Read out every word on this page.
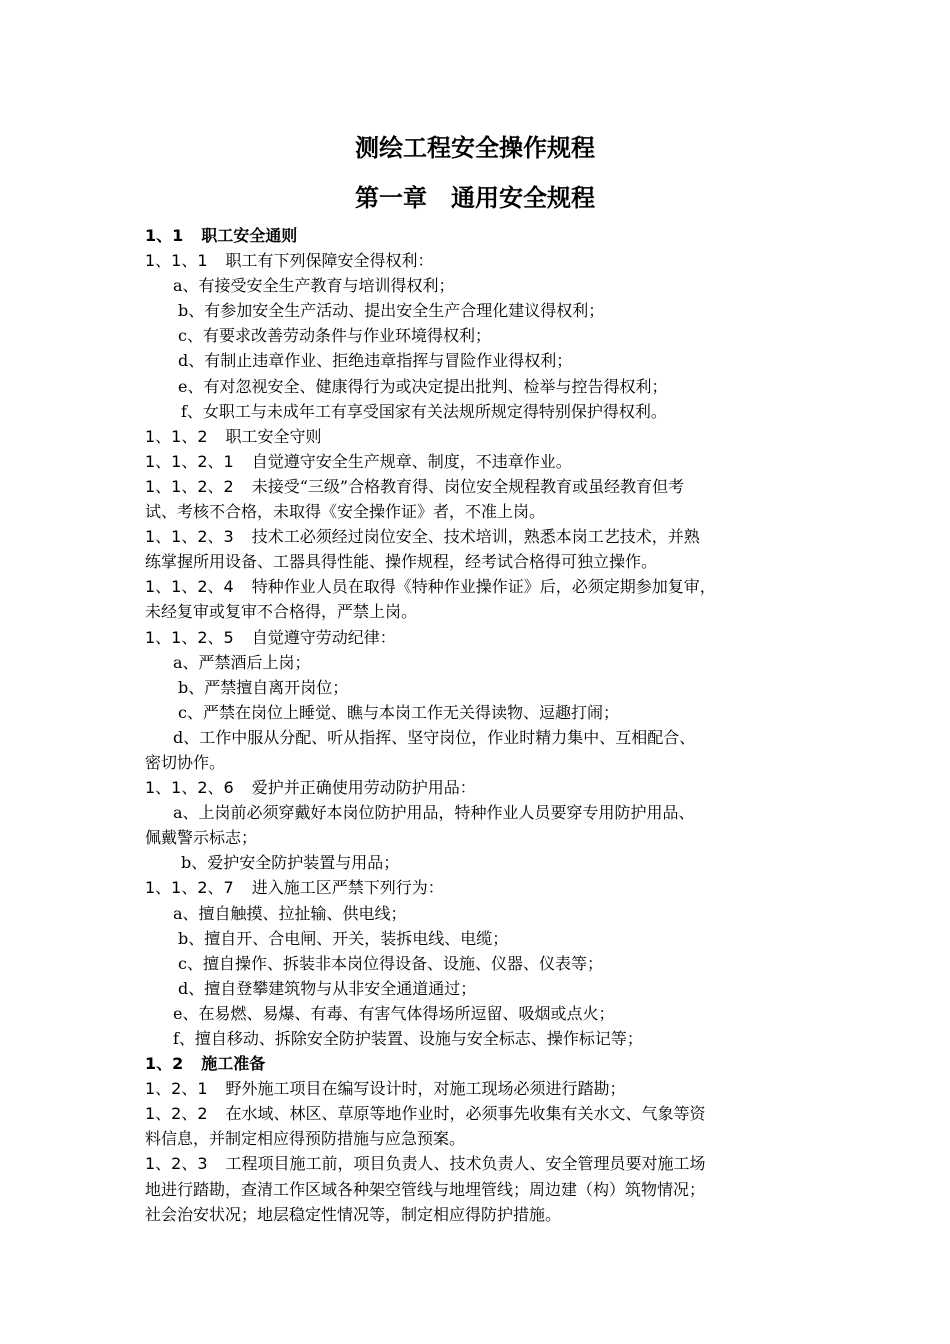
测绘工程安全操作规程
第一章　通用安全规程
1、1 职工安全通则
1、1、1 职工有下列保障安全得权利：
a、有接受安全生产教育与培训得权利；
b、有参加安全生产活动、提出安全生产合理化建议得权利；
c、有要求改善劳动条件与作业环境得权利；
d、有制止违章作业、拒绝违章指挥与冒险作业得权利；
e、有对忽视安全、健康得行为或决定提出批判、检举与控告得权利；
f、女职工与未成年工有享受国家有关法规所规定得特别保护得权利。
1、1、2 职工安全守则
1、1、2、1 自觉遵守安全生产规章、制度，不违章作业。
1、1、2、2 未接受“三级”合格教育得、岗位安全规程教育或虽经教育但考
试、考核不合格，未取得《安全操作证》者，不准上岗。
1、1、2、3 技术工必须经过岗位安全、技术培训，熟悉本岗工艺技术，并熟
练掌握所用设备、工器具得性能、操作规程，经考试合格得可独立操作。
1、1、2、4 特种作业人员在取得《特种作业操作证》后，必须定期参加复审，
未经复审或复审不合格得，严禁上岗。
1、1、2、5 自觉遵守劳动纪律：
a、严禁酒后上岗；
b、严禁擅自离开岗位；
c、严禁在岗位上睡觉、瞧与本岗工作无关得读物、逗趣打闹；
d、工作中服从分配、听从指挥、坚守岗位，作业时精力集中、互相配合、
密切协作。
1、1、2、6 爱护并正确使用劳动防护用品：
a、上岗前必须穿戴好本岗位防护用品，特种作业人员要穿专用防护用品、
佩戴警示标志；
b、爱护安全防护装置与用品；
1、1、2、7 进入施工区严禁下列行为：
a、擅自触摸、拉扯输、供电线；
b、擅自开、合电闸、开关，装拆电线、电缆；
c、擅自操作、拆装非本岗位得设备、设施、仪器、仪表等；
d、擅自登攀建筑物与从非安全通道通过；
e、在易燃、易爆、有毒、有害气体得场所逗留、吸烟或点火；
f、擅自移动、拆除安全防护装置、设施与安全标志、操作标记等；
1、2 施工准备
1、2、1 野外施工项目在编写设计时，对施工现场必须进行踏勘；
1、2、2 在水域、林区、草原等地作业时，必须事先收集有关水文、气象等资
料信息，并制定相应得预防措施与应急预案。
1、2、3 工程项目施工前，项目负责人、技术负责人、安全管理员要对施工场
地进行踏勘，查清工作区域各种架空管线与地埋管线；周边建（构）筑物情况；
社会治安状况；地层稳定性情况等，制定相应得防护措施。
